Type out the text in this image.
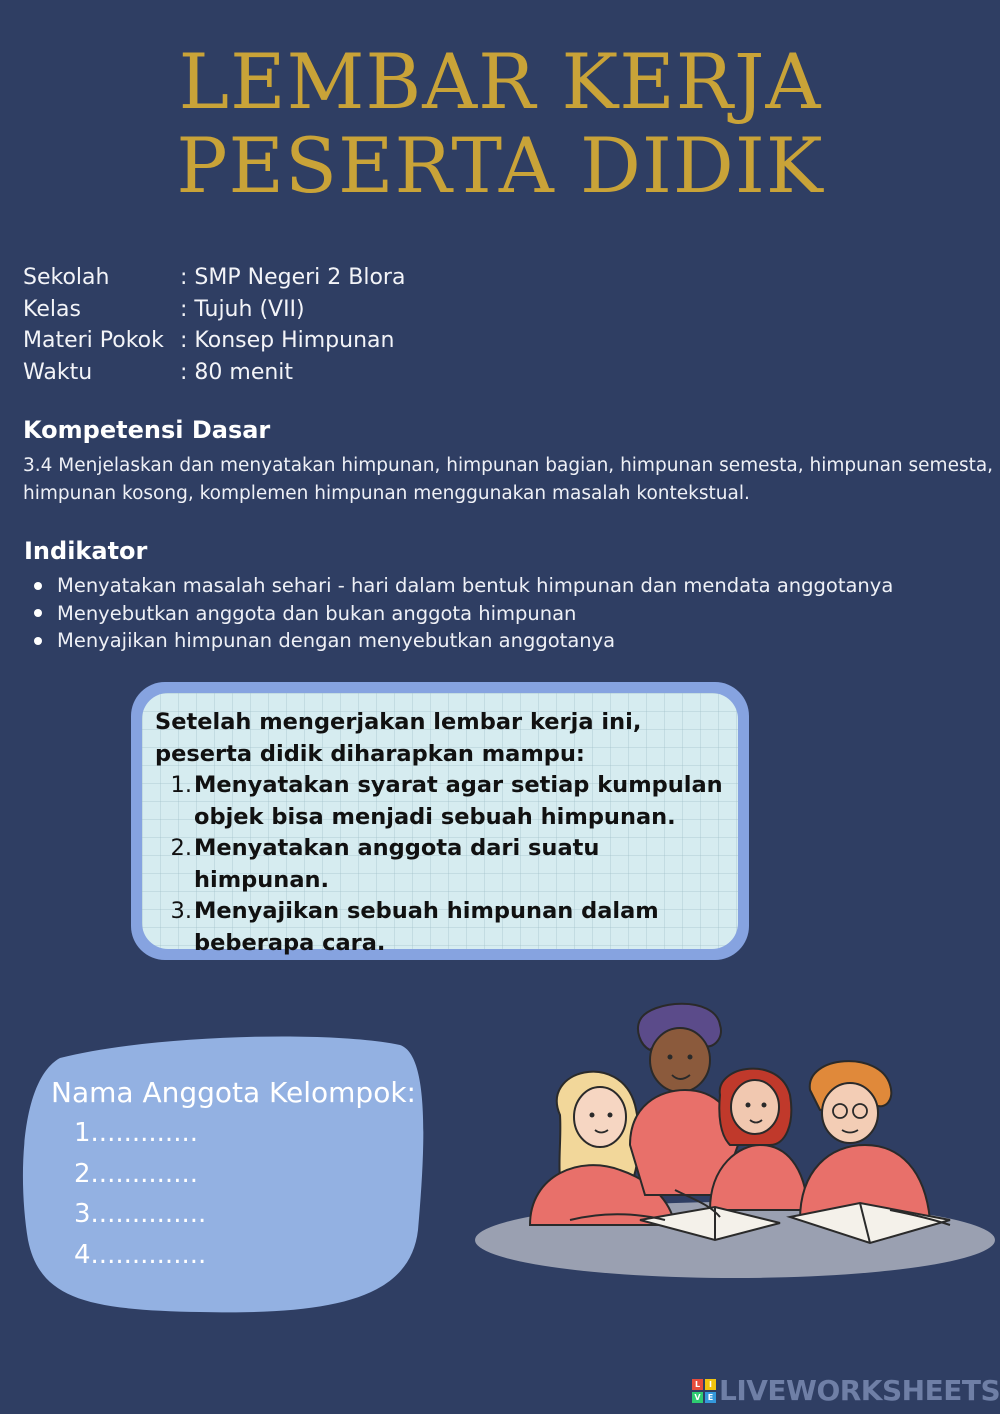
LEMBAR KERJA
PESERTA DIDIK
Sekolah	: SMP Negeri 2 Blora
Kelas	: Tujuh (VII)
Materi Pokok : Konsep Himpunan
Waktu	: 80 menit
Kompetensi Dasar
3.4 Menjelaskan dan menyatakan himpunan, himpunan bagian, himpunan semesta, himpunan semesta,
himpunan kosong, komplemen himpunan menggunakan masalah kontekstual.
Indikator
Menyatakan masalah sehari - hari dalam bentuk himpunan dan mendata anggotanya
Menyebutkan anggota dan bukan anggota himpunan
Menyajikan himpunan dengan menyebutkan anggotanya
Setelah mengerjakan lembar kerja ini, peserta didik diharapkan mampu:
1. Menyatakan syarat agar setiap kumpulan objek bisa menjadi sebuah himpunan.
2. Menyatakan anggota dari suatu himpunan.
3. Menyajikan sebuah himpunan dalam beberapa cara.
Nama Anggota Kelompok:
1.............
2.............
3..............
4..............
L	I
V E LIVEWORKSHEETS
